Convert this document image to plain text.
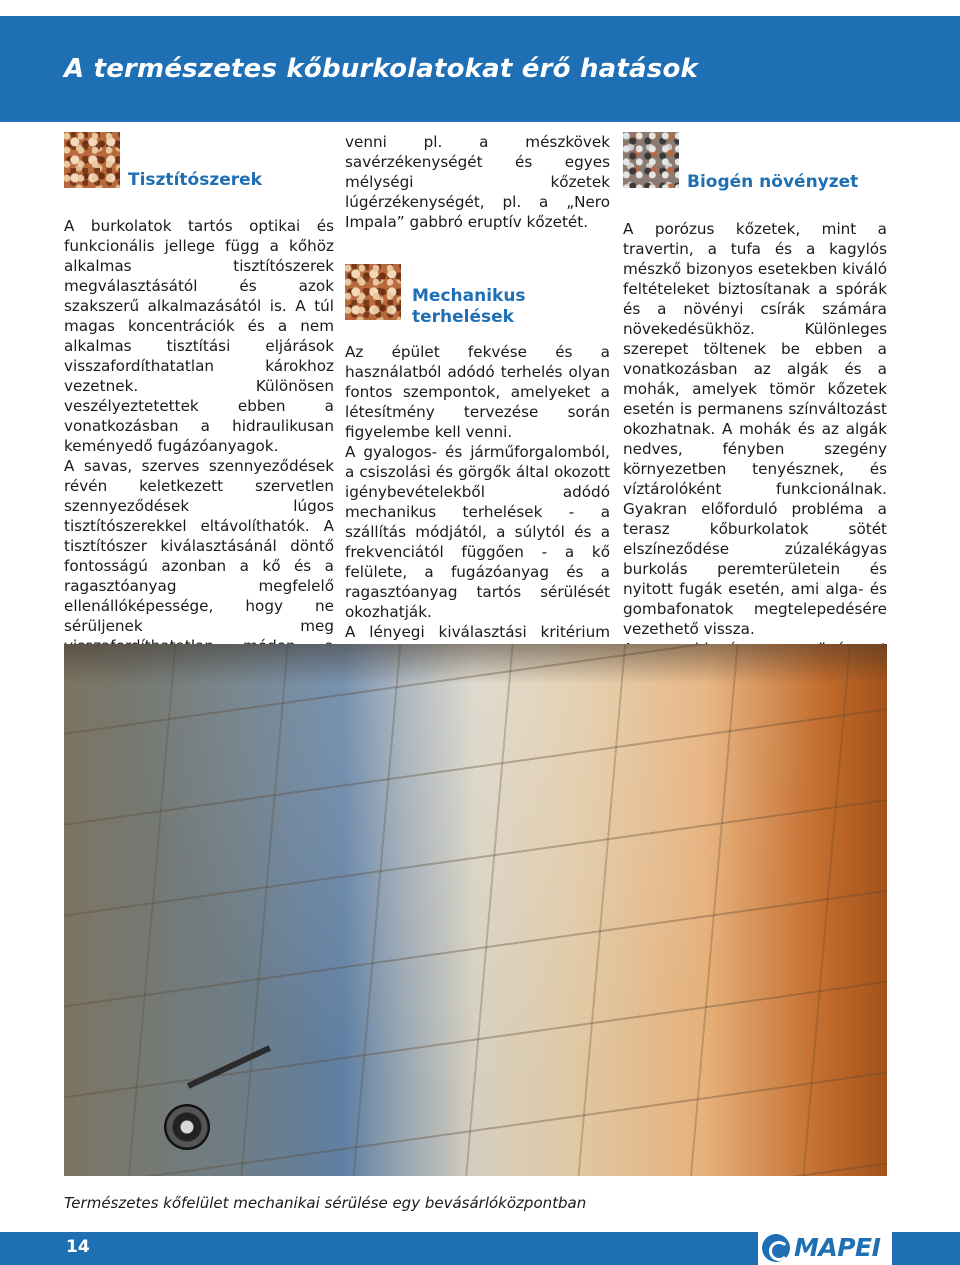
A természetes kőburkolatokat érő hatások
Tisztítószerek

A burkolatok tartós optikai és funkcionális jellege függ a kőhöz alkalmas tisztítószerek megválasztásától és azok szakszerű alkalmazásától is. A túl magas koncentrációk és a nem alkalmas tisztítási eljárások visszafordíthatatlan károkhoz vezetnek. Különösen veszélyeztetettek ebben a vonatkozásban a hidraulikusan keményedő fugázóanyagok.

A savas, szerves szennyeződések révén keletkezett szervetlen szennyeződések lúgos tisztítószerekkel eltávolíthatók. A tisztítószer kiválasztásánál döntő fontosságú azonban a kő és a ragasztóanyag megfelelő ellenállóképessége, hogy ne sérüljenek meg

venni pl. a mészkövek savérzékenységét és egyes mélységi kőzetek lúgérzékenységét, pl. a „Nero Impala” gabbró eruptív kőzetét.

Mechanikus terhelések

Az épület fekvése és a használatból adódó terhelés olyan fontos szempontok, amelyeket a létesítmény tervezése során figyelembe kell venni.

A gyalogos- és járműforgalomból, a csiszolási és görgők által okozott igénybevételekből adódó mechanikus terhelések - a szállítás módjától, a súlytól és a frekvenciától függően - a kő felülete, a fugázóanyag és a ragasztóanyag tartós sérülését okozhatják.

A lényegi kiválasztási kritérium

Biogén növényzet

A porózus kőzetek, mint a travertin, a tufa és a kagylós mészkő bizonyos esetekben kiváló feltételeket biztosítanak a spórák és a növényi csírák számára növekedésükhöz. Különleges szerepet töltenek be ebben a vonatkozásban az algák és a mohák, amelyek tömör kőzetek esetén is permanens színváltozást okozhatnak. A mohák és az algák nedves, fényben szegény környezetben tenyésznek, és víztárolóként funkcionálnak. Gyakran előforduló probléma a terasz kőburkolatok sötét elszíneződése zúzalékágyas burkolás peremterületein és nyitott fugák esetén, ami alga- és gombafonatok megtelepedésére vezethető vissza.

Természetes kőfelület mechanikai sérülése egy bevásárlóközpontban

14	MAPEI
